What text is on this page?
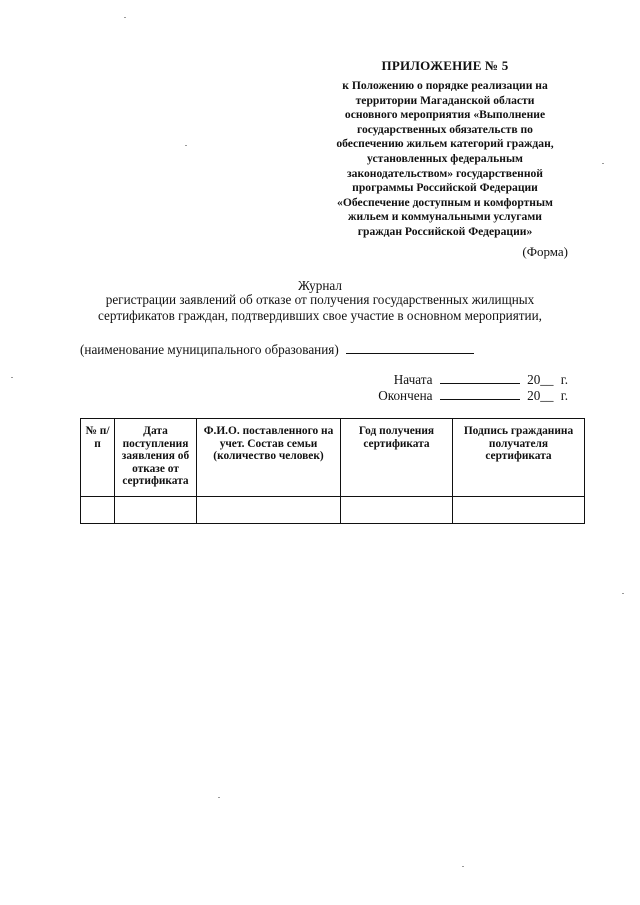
ПРИЛОЖЕНИЕ № 5
к Положению о порядке реализации на
территории Магаданской области
основного мероприятия «Выполнение
государственных обязательств по
обеспечению жильем категорий граждан,
установленных федеральным
законодательством» государственной
программы Российской Федерации
«Обеспечение доступным и комфортным
жильем и коммунальными услугами
граждан Российской Федерации»
(Форма)
Журнал
регистрации заявлений об отказе от получения государственных жилищных
сертификатов граждан, подтвердивших свое участие в основном мероприятии,
(наименование муниципального образования)
Начата	20__ г.
Окончена	20__ г.
№ п/п	Дата поступления заявления об отказе от сертификата	Ф.И.О. поставленного на учет. Состав семьи (количество человек)	Год получения сертификата	Подпись гражданина получателя сертификата
